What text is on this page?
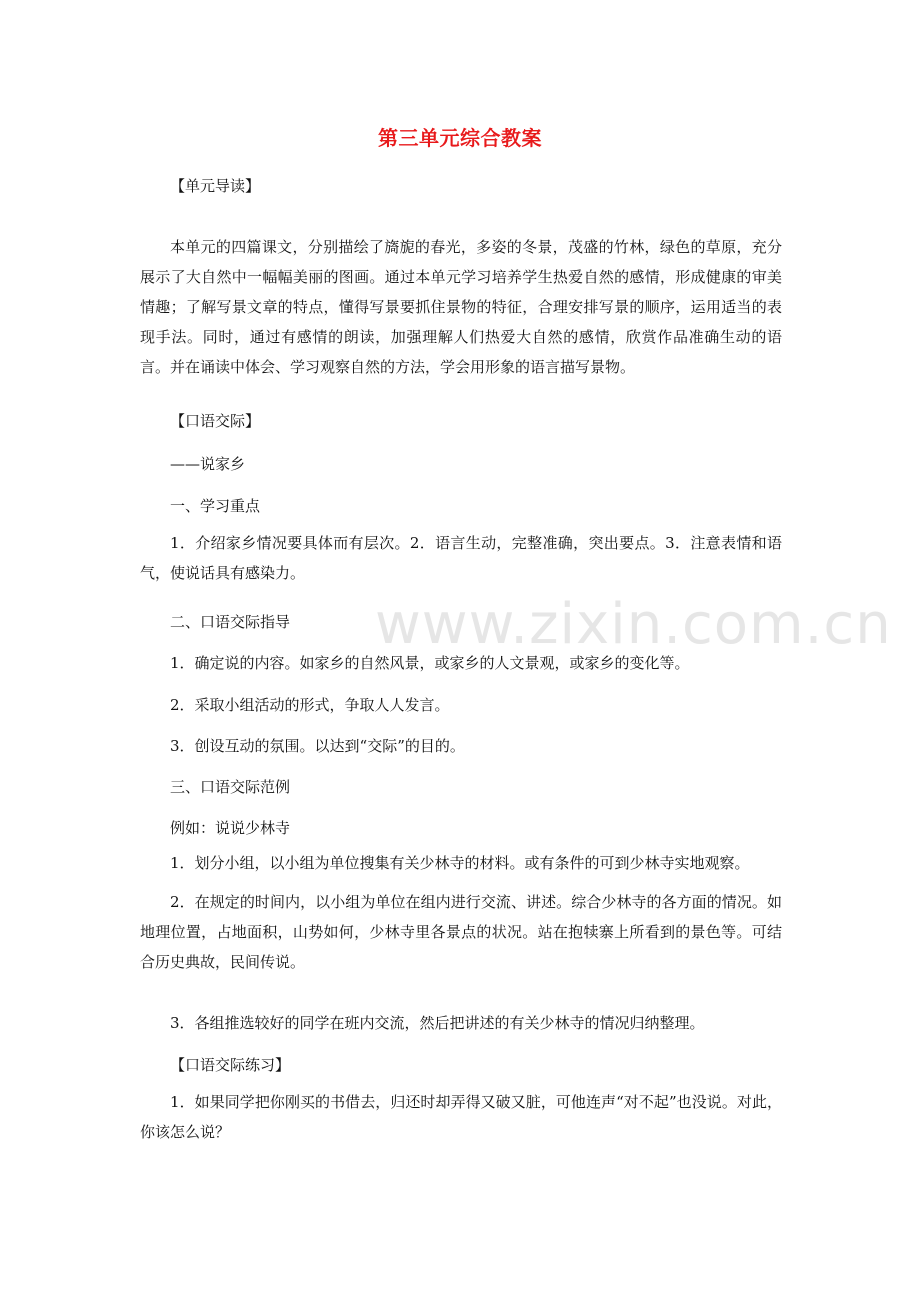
www.zixin.com.cn
第三单元综合教案
【单元导读】
本单元的四篇课文，分别描绘了旖旎的春光，多姿的冬景，茂盛的竹林，绿色的草原，充分展示了大自然中一幅幅美丽的图画。通过本单元学习培养学生热爱自然的感情，形成健康的审美情趣；了解写景文章的特点，懂得写景要抓住景物的特征，合理安排写景的顺序，运用适当的表现手法。同时，通过有感情的朗读，加强理解人们热爱大自然的感情，欣赏作品准确生动的语言。并在诵读中体会、学习观察自然的方法，学会用形象的语言描写景物。
【口语交际】
——说家乡
一、学习重点
1．介绍家乡情况要具体而有层次。2．语言生动，完整准确，突出要点。3．注意表情和语气，使说话具有感染力。
二、口语交际指导
1．确定说的内容。如家乡的自然风景，或家乡的人文景观，或家乡的变化等。
2．采取小组活动的形式，争取人人发言。
3．创设互动的氛围。以达到“交际”的目的。
三、口语交际范例
例如：说说少林寺
1．划分小组，以小组为单位搜集有关少林寺的材料。或有条件的可到少林寺实地观察。
2．在规定的时间内，以小组为单位在组内进行交流、讲述。综合少林寺的各方面的情况。如地理位置，占地面积，山势如何，少林寺里各景点的状况。站在抱犊寨上所看到的景色等。可结合历史典故，民间传说。
3．各组推选较好的同学在班内交流，然后把讲述的有关少林寺的情况归纳整理。
【口语交际练习】
1．如果同学把你刚买的书借去，归还时却弄得又破又脏，可他连声“对不起”也没说。对此，你该怎么说？
